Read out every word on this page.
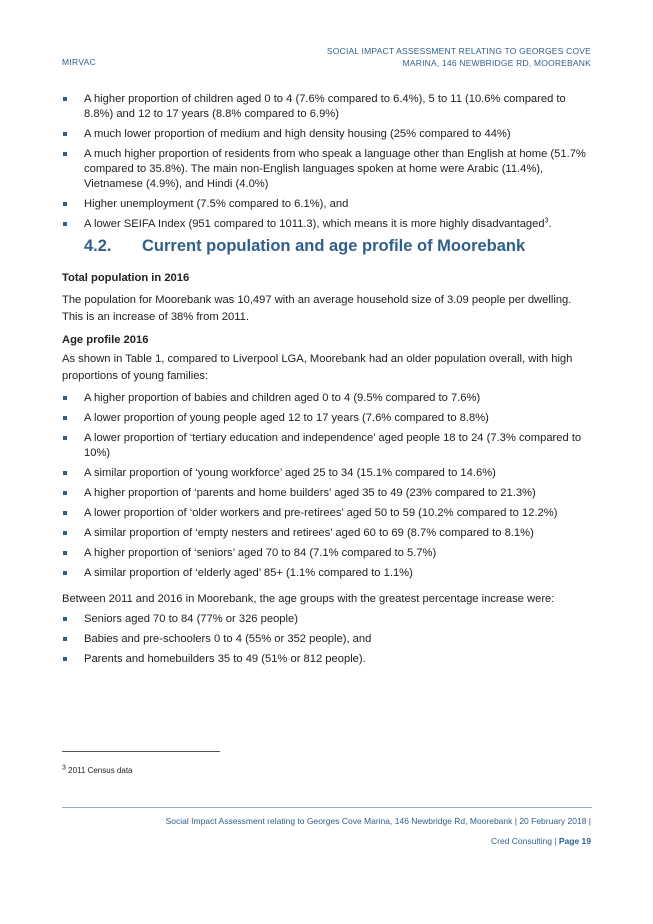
MIRVAC
SOCIAL IMPACT ASSESSMENT RELATING TO GEORGES COVE
MARINA, 146 NEWBRIDGE RD, MOOREBANK
A higher proportion of children aged 0 to 4 (7.6% compared to 6.4%), 5 to 11 (10.6% compared to 8.8%) and 12 to 17 years (8.8% compared to 6.9%)
A much lower proportion of medium and high density housing (25% compared to 44%)
A much higher proportion of residents from who speak a language other than English at home (51.7% compared to 35.8%). The main non-English languages spoken at home were Arabic (11.4%), Vietnamese (4.9%), and Hindi (4.0%)
Higher unemployment (7.5% compared to 6.1%), and
A lower SEIFA Index (951 compared to 1011.3), which means it is more highly disadvantaged$^3$.
4.2. Current population and age profile of Moorebank
Total population in 2016
The population for Moorebank was 10,497 with an average household size of 3.09 people per dwelling. This is an increase of 38% from 2011.
Age profile 2016
As shown in Table 1, compared to Liverpool LGA, Moorebank had an older population overall, with high proportions of young families:
A higher proportion of babies and children aged 0 to 4 (9.5% compared to 7.6%)
A lower proportion of young people aged 12 to 17 years (7.6% compared to 8.8%)
A lower proportion of ‘tertiary education and independence’ aged people 18 to 24 (7.3% compared to 10%)
A similar proportion of ‘young workforce’ aged 25 to 34 (15.1% compared to 14.6%)
A higher proportion of ‘parents and home builders’ aged 35 to 49 (23% compared to 21.3%)
A lower proportion of ‘older workers and pre-retirees’ aged 50 to 59 (10.2% compared to 12.2%)
A similar proportion of ‘empty nesters and retirees’ aged 60 to 69 (8.7% compared to 8.1%)
A higher proportion of ‘seniors’ aged 70 to 84 (7.1% compared to 5.7%)
A similar proportion of ‘elderly aged’ 85+ (1.1% compared to 1.1%)
Between 2011 and 2016 in Moorebank, the age groups with the greatest percentage increase were:
Seniors aged 70 to 84 (77% or 326 people)
Babies and pre-schoolers 0 to 4 (55% or 352 people), and
Parents and homebuilders 35 to 49 (51% or 812 people).
$^3$ 2011 Census data
Social Impact Assessment relating to Georges Cove Marina, 146 Newbridge Rd, Moorebank | 20 February 2018 |
Cred Consulting | Page 19
